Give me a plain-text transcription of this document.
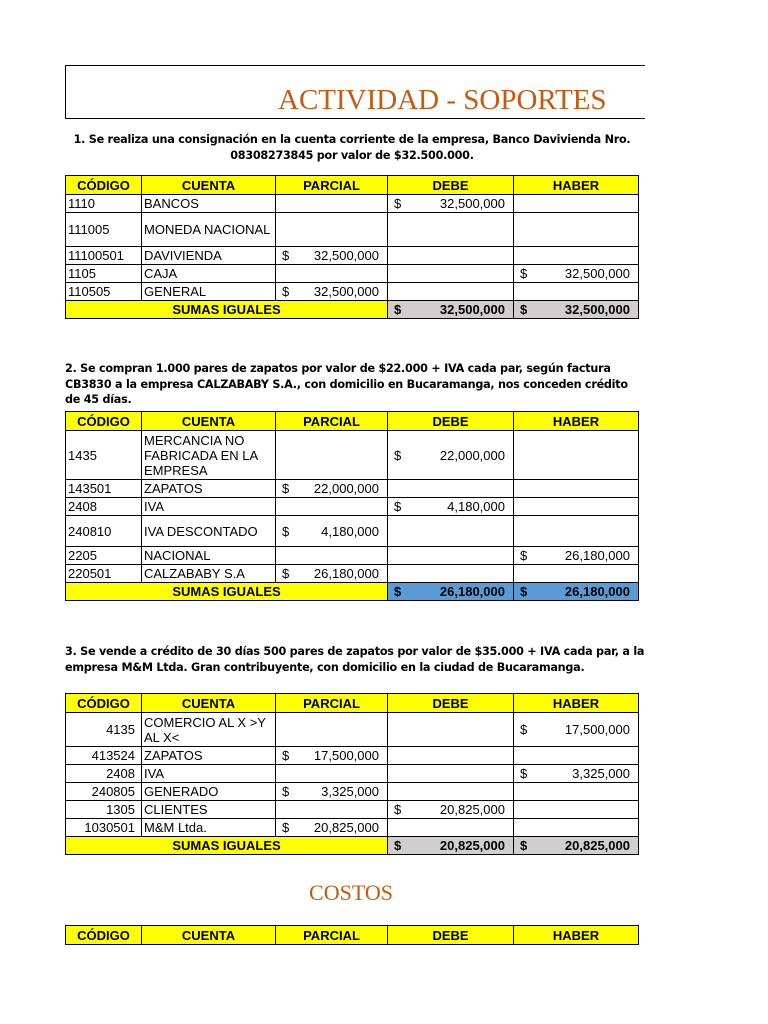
ACTIVIDAD - SOPORTES
1. Se realiza una consignación en la cuenta corriente de la empresa, Banco Davivienda Nro. 08308273845 por valor de $32.500.000.
CÓDIGO	CUENTA	PARCIAL	DEBE	HABER
1110	BANCOS		$ 32,500,000	

111005	MONEDA NACIONAL			
11100501	DAVIVIENDA	$ 32,500,000		

1105	CAJA			$ 32,500,000

110505	GENERAL	$ 32,500,000		

SUMAS IGUALES			$ 32,500,000	$ 32,500,000
2. Se compran 1.000 pares de zapatos por valor de $22.000 + IVA cada par, según factura CB3830 a la empresa CALZABABY S.A., con domicilio en Bucaramanga, nos conceden crédito de 45 días.
CÓDIGO	CUENTA	PARCIAL	DEBE	HABER
1435	MERCANCIA NO FABRICADA EN LA EMPRESA		$ 22,000,000	

143501	ZAPATOS	$ 22,000,000		

2408	IVA		$ 4,180,000	

240810	IVA DESCONTADO	$ 4,180,000		

2205	NACIONAL			$ 26,180,000

220501	CALZABABY S.A	$ 26,180,000		

SUMAS IGUALES			$ 26,180,000	$ 26,180,000
3. Se vende a crédito de 30 días 500 pares de zapatos por valor de $35.000 + IVA cada par, a la empresa M&M Ltda. Gran contribuyente, con domicilio en la ciudad de Bucaramanga.
CÓDIGO	CUENTA	PARCIAL	DEBE	HABER
4135	COMERCIO AL X >Y AL X<			$ 17,500,000

413524	ZAPATOS	$ 17,500,000		

2408	IVA			$ 3,325,000

240805	GENERADO	$ 3,325,000		

1305	CLIENTES		$ 20,825,000	

1030501	M&M Ltda.	$ 20,825,000		

SUMAS IGUALES			$ 20,825,000	$ 20,825,000
COSTOS
CÓDIGO	CUENTA	PARCIAL	DEBE	HABER
